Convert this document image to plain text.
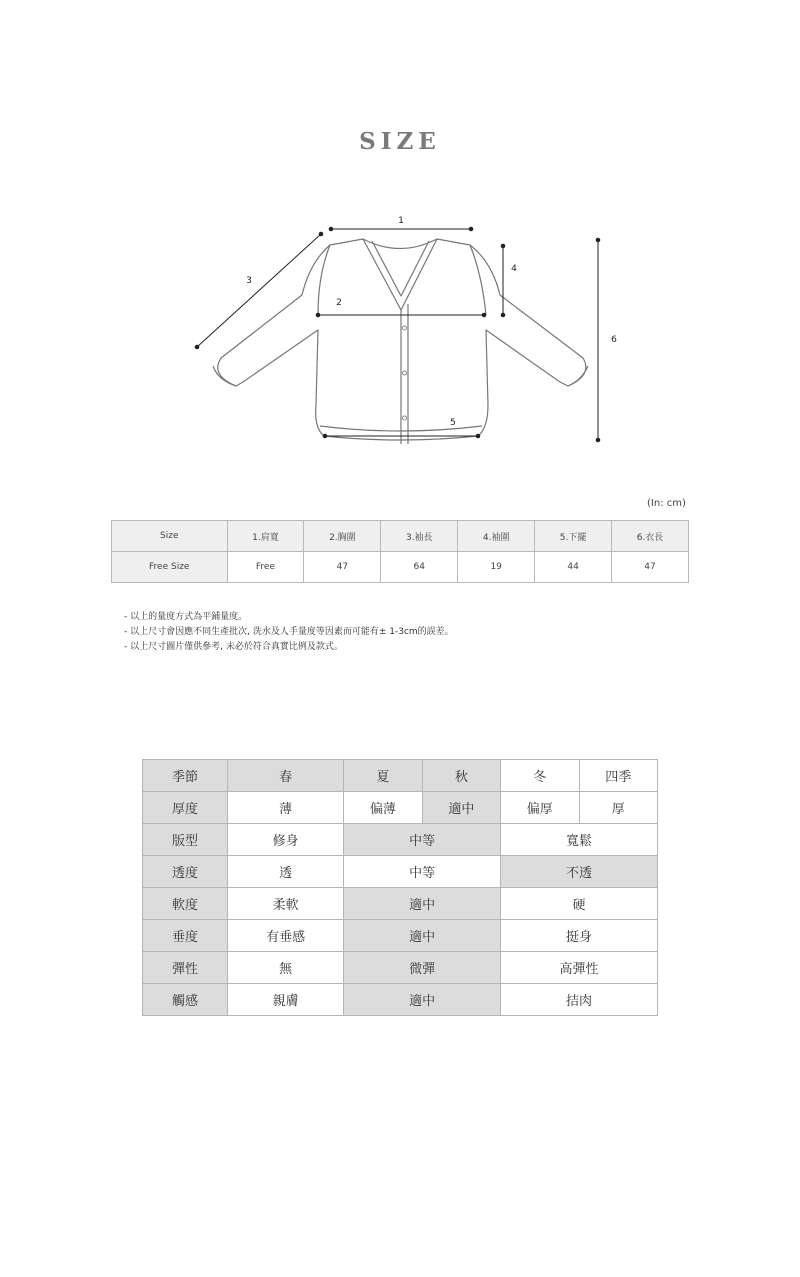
SIZE
1
2
3
4
5
6
(In: cm)
Size	1.肩寬	2.胸圍	3.袖長	4.袖圍	5.下擺	6.衣長
Free Size	Free	47	64	19	44	47
- 以上的量度方式為平鋪量度。
- 以上尺寸會因應不同生產批次, 洗水及人手量度等因素而可能有± 1-3cm的誤差。
- 以上尺寸圖片僅供參考, 未必於符合真實比例及款式。
季節	春	夏	秋	冬	四季
厚度	薄	偏薄	適中	偏厚	厚
版型	修身	中等		寬鬆	
透度	透	中等		不透	
軟度	柔軟	適中		硬	
垂度	有垂感	適中		挺身	
彈性	無	微彈		高彈性	
觸感	親膚	適中		拮肉	
